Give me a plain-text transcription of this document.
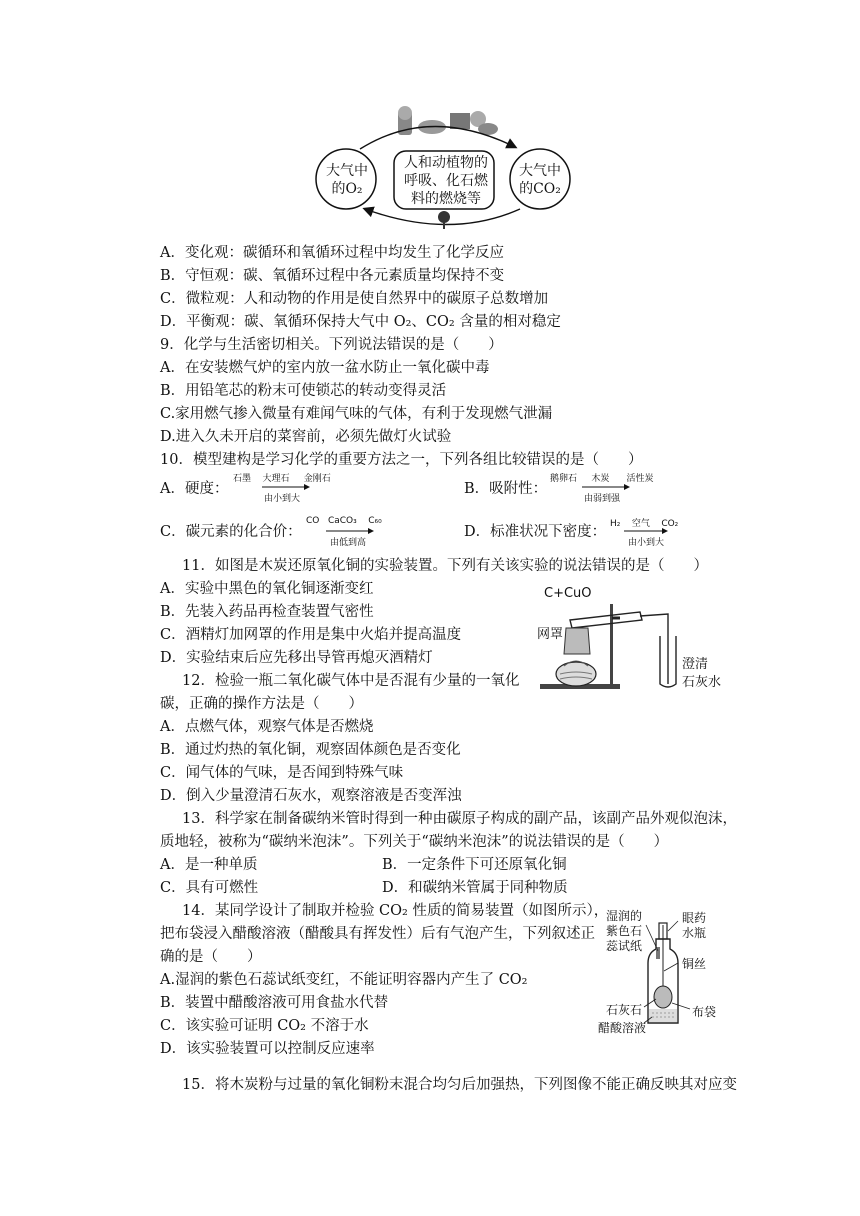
大气中
的O₂
人和动植物的
呼吸、化石燃
料的燃烧等
大气中
的CO₂
A．变化观：碳循环和氧循环过程中均发生了化学反应
B．守恒观：碳、氧循环过程中各元素质量均保持不变
C．微粒观：人和动物的作用是使自然界中的碳原子总数增加
D．平衡观：碳、氧循环保持大气中 O₂、CO₂ 含量的相对稳定
9．化学与生活密切相关。下列说法错误的是（　　）
A．在安装燃气炉的室内放一盆水防止一氧化碳中毒
B．用铅笔芯的粉末可使锁芯的转动变得灵活
C.家用燃气掺入微量有难闻气味的气体，有利于发现燃气泄漏
D.进入久未开启的菜窖前，必须先做灯火试验
10．模型建构是学习化学的重要方法之一，下列各组比较错误的是（　　）
A．硬度：
石墨 大理石 金刚石
由小到大
B．吸附性：
鹅卵石 木炭 活性炭
由弱到强
C．碳元素的化合价：
CO CaCO₃ C₆₀
由低到高
D．标准状况下密度： H₂ 空气 CO₂
由小到大
11．如图是木炭还原氧化铜的实验装置。下列有关该实验的说法错误的是（　　）
A．实验中黑色的氧化铜逐渐变红
B．先装入药品再检查装置气密性
C．酒精灯加网罩的作用是集中火焰并提高温度
D．实验结束后应先移出导管再熄灭酒精灯
C+CuO
网罩
澄清
石灰水
12．检验一瓶二氧化碳气体中是否混有少量的一氧化
碳，正确的操作方法是（　　）
A．点燃气体，观察气体是否燃烧
B．通过灼热的氧化铜，观察固体颜色是否变化
C．闻气体的气味，是否闻到特殊气味
D．倒入少量澄清石灰水，观察溶液是否变浑浊
13．科学家在制备碳纳米管时得到一种由碳原子构成的副产品，该副产品外观似泡沫，
质地轻，被称为“碳纳米泡沫”。下列关于“碳纳米泡沫”的说法错误的是（　　）
A．是一种单质	B．一定条件下可还原氧化铜
C．具有可燃性	D．和碳纳米管属于同种物质
14．某同学设计了制取并检验 CO₂ 性质的简易装置（如图所示），
把布袋浸入醋酸溶液（醋酸具有挥发性）后有气泡产生，下列叙述正
确的是（　　）
A.湿润的紫色石蕊试纸变红，不能证明容器内产生了 CO₂
B．装置中醋酸溶液可用食盐水代替
C．该实验可证明 CO₂ 不溶于水
D．该实验装置可以控制反应速率
湿润的
紫色石
蕊试纸
眼药
水瓶
铜丝
石灰石	布袋
醋酸溶液
15．将木炭粉与过量的氧化铜粉末混合均匀后加强热，下列图像不能正确反映其对应变
